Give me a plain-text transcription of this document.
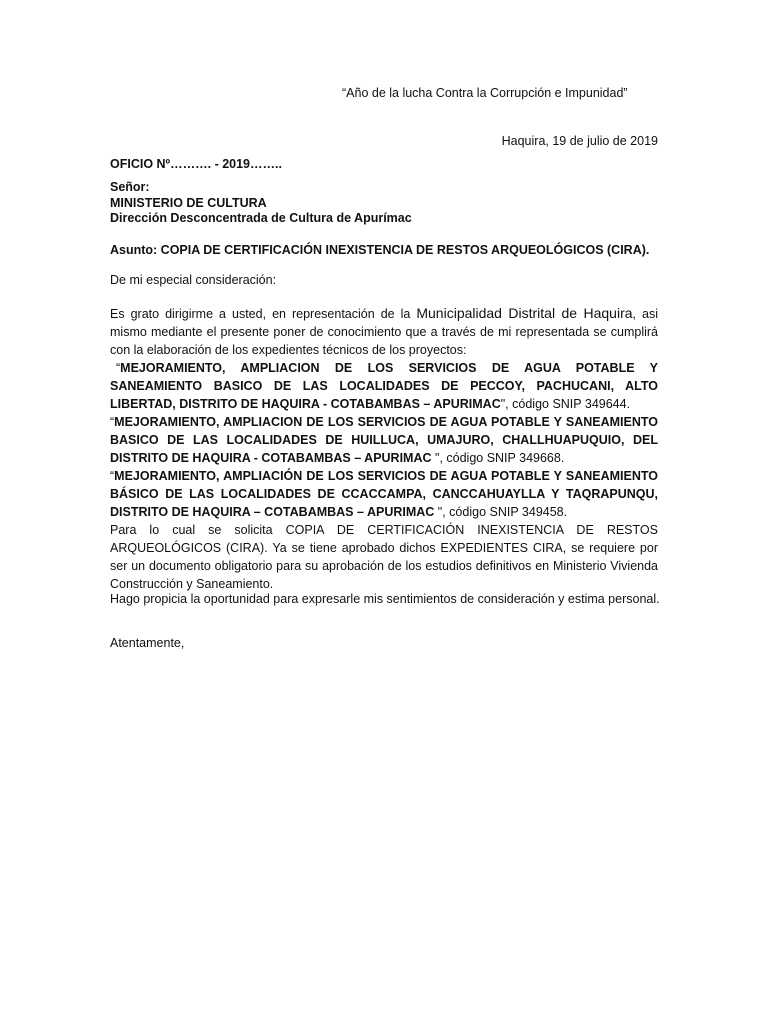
“Año de la lucha Contra la Corrupción e Impunidad”
Haquira, 19 de julio de 2019
OFICIO Nº………. - 2019……..
Señor:
MINISTERIO DE CULTURA
Dirección Desconcentrada de Cultura de Apurímac
Asunto: COPIA DE CERTIFICACIÓN INEXISTENCIA DE RESTOS ARQUEOLÓGICOS (CIRA).
De mi especial consideración:

Es grato dirigirme a usted, en representación de la Municipalidad Distrital de Haquira, asi mismo mediante el presente poner de conocimiento que a través de mi representada se cumplirá con la elaboración de los expedientes técnicos de los proyectos:

“MEJORAMIENTO, AMPLIACION DE LOS SERVICIOS DE AGUA POTABLE Y SANEAMIENTO BASICO DE LAS LOCALIDADES DE PECCOY, PACHUCANI, ALTO LIBERTAD, DISTRITO DE HAQUIRA - COTABAMBAS – APURIMAC", código SNIP 349644.

“MEJORAMIENTO, AMPLIACION DE LOS SERVICIOS DE AGUA POTABLE Y SANEAMIENTO BASICO DE LAS LOCALIDADES DE HUILLUCA, UMAJURO, CHALLHUAPUQUIO, DEL DISTRITO DE HAQUIRA - COTABAMBAS – APURIMAC ", código SNIP 349668.

“MEJORAMIENTO, AMPLIACIÓN DE LOS SERVICIOS DE AGUA POTABLE Y SANEAMIENTO BÁSICO DE LAS LOCALIDADES DE CCACCAMPA, CANCCAHUAYLLA Y TAQRAPUNQU, DISTRITO DE HAQUIRA – COTABAMBAS – APURIMAC ", código SNIP 349458.

Para lo cual se solicita COPIA DE CERTIFICACIÓN INEXISTENCIA DE RESTOS ARQUEOLÓGICOS (CIRA). Ya se tiene aprobado dichos EXPEDIENTES CIRA, se requiere por ser un documento obligatorio para su aprobación de los estudios definitivos en Ministerio Vivienda Construcción y Saneamiento.

Hago propicia la oportunidad para expresarle mis sentimientos de consideración y estima personal.
Atentamente,
